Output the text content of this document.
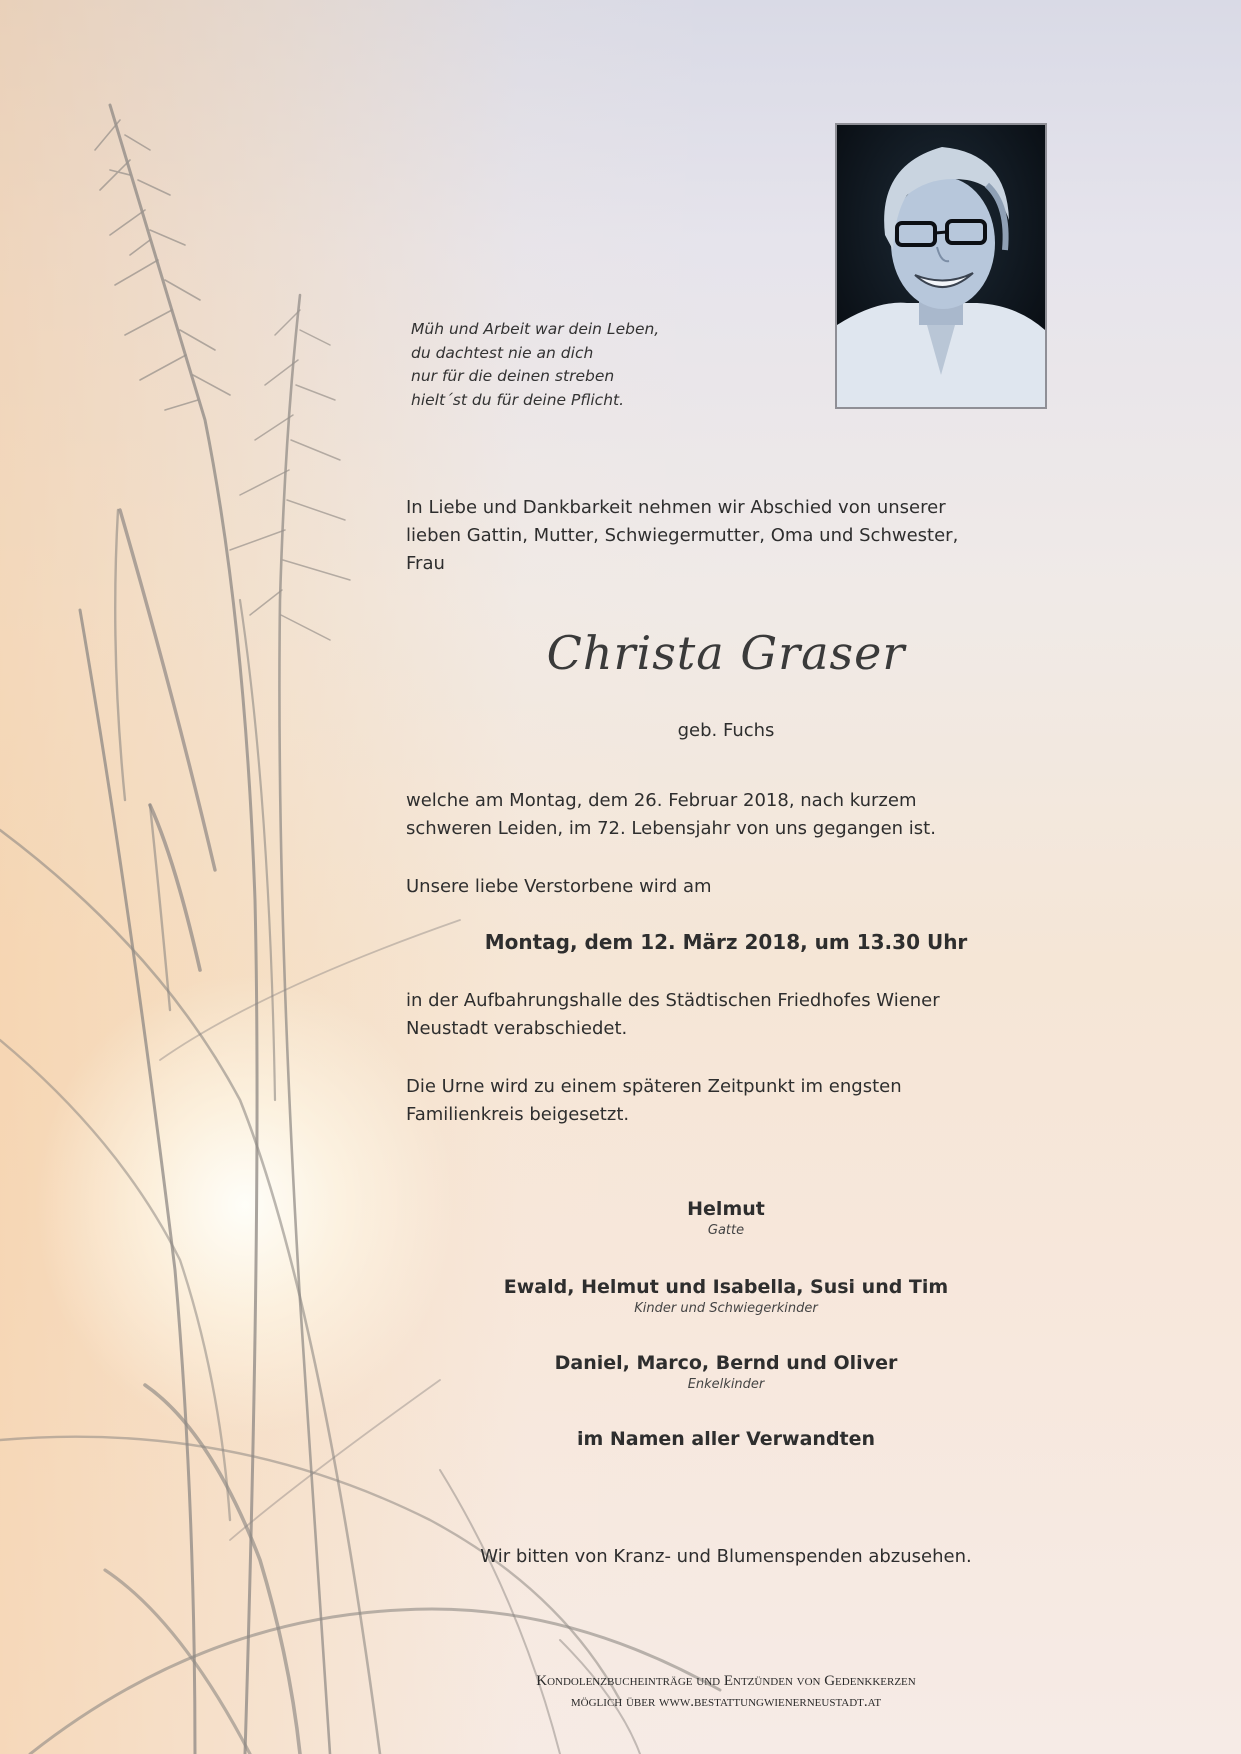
Müh und Arbeit war dein Leben,
du dachtest nie an dich
nur für die deinen streben
hielt´st du für deine Pflicht.
In Liebe und Dankbarkeit nehmen wir Abschied von unserer
lieben Gattin, Mutter, Schwiegermutter, Oma und Schwester,
Frau
Christa Graser
geb. Fuchs
welche am Montag, dem 26. Februar 2018, nach kurzem
schweren Leiden, im 72. Lebensjahr von uns gegangen ist.
Unsere liebe Verstorbene wird am
Montag, dem 12. März 2018, um 13.30 Uhr
in der Aufbahrungshalle des Städtischen Friedhofes Wiener
Neustadt verabschiedet.
Die Urne wird zu einem späteren Zeitpunkt im engsten
Familienkreis beigesetzt.
Helmut
Gatte
Ewald, Helmut und Isabella, Susi und Tim
Kinder und Schwiegerkinder
Daniel, Marco, Bernd und Oliver
Enkelkinder
im Namen aller Verwandten
Wir bitten von Kranz- und Blumenspenden abzusehen.
Kondolenzbucheinträge und Entzünden von Gedenkkerzen
möglich über www.bestattungwienerneustadt.at
